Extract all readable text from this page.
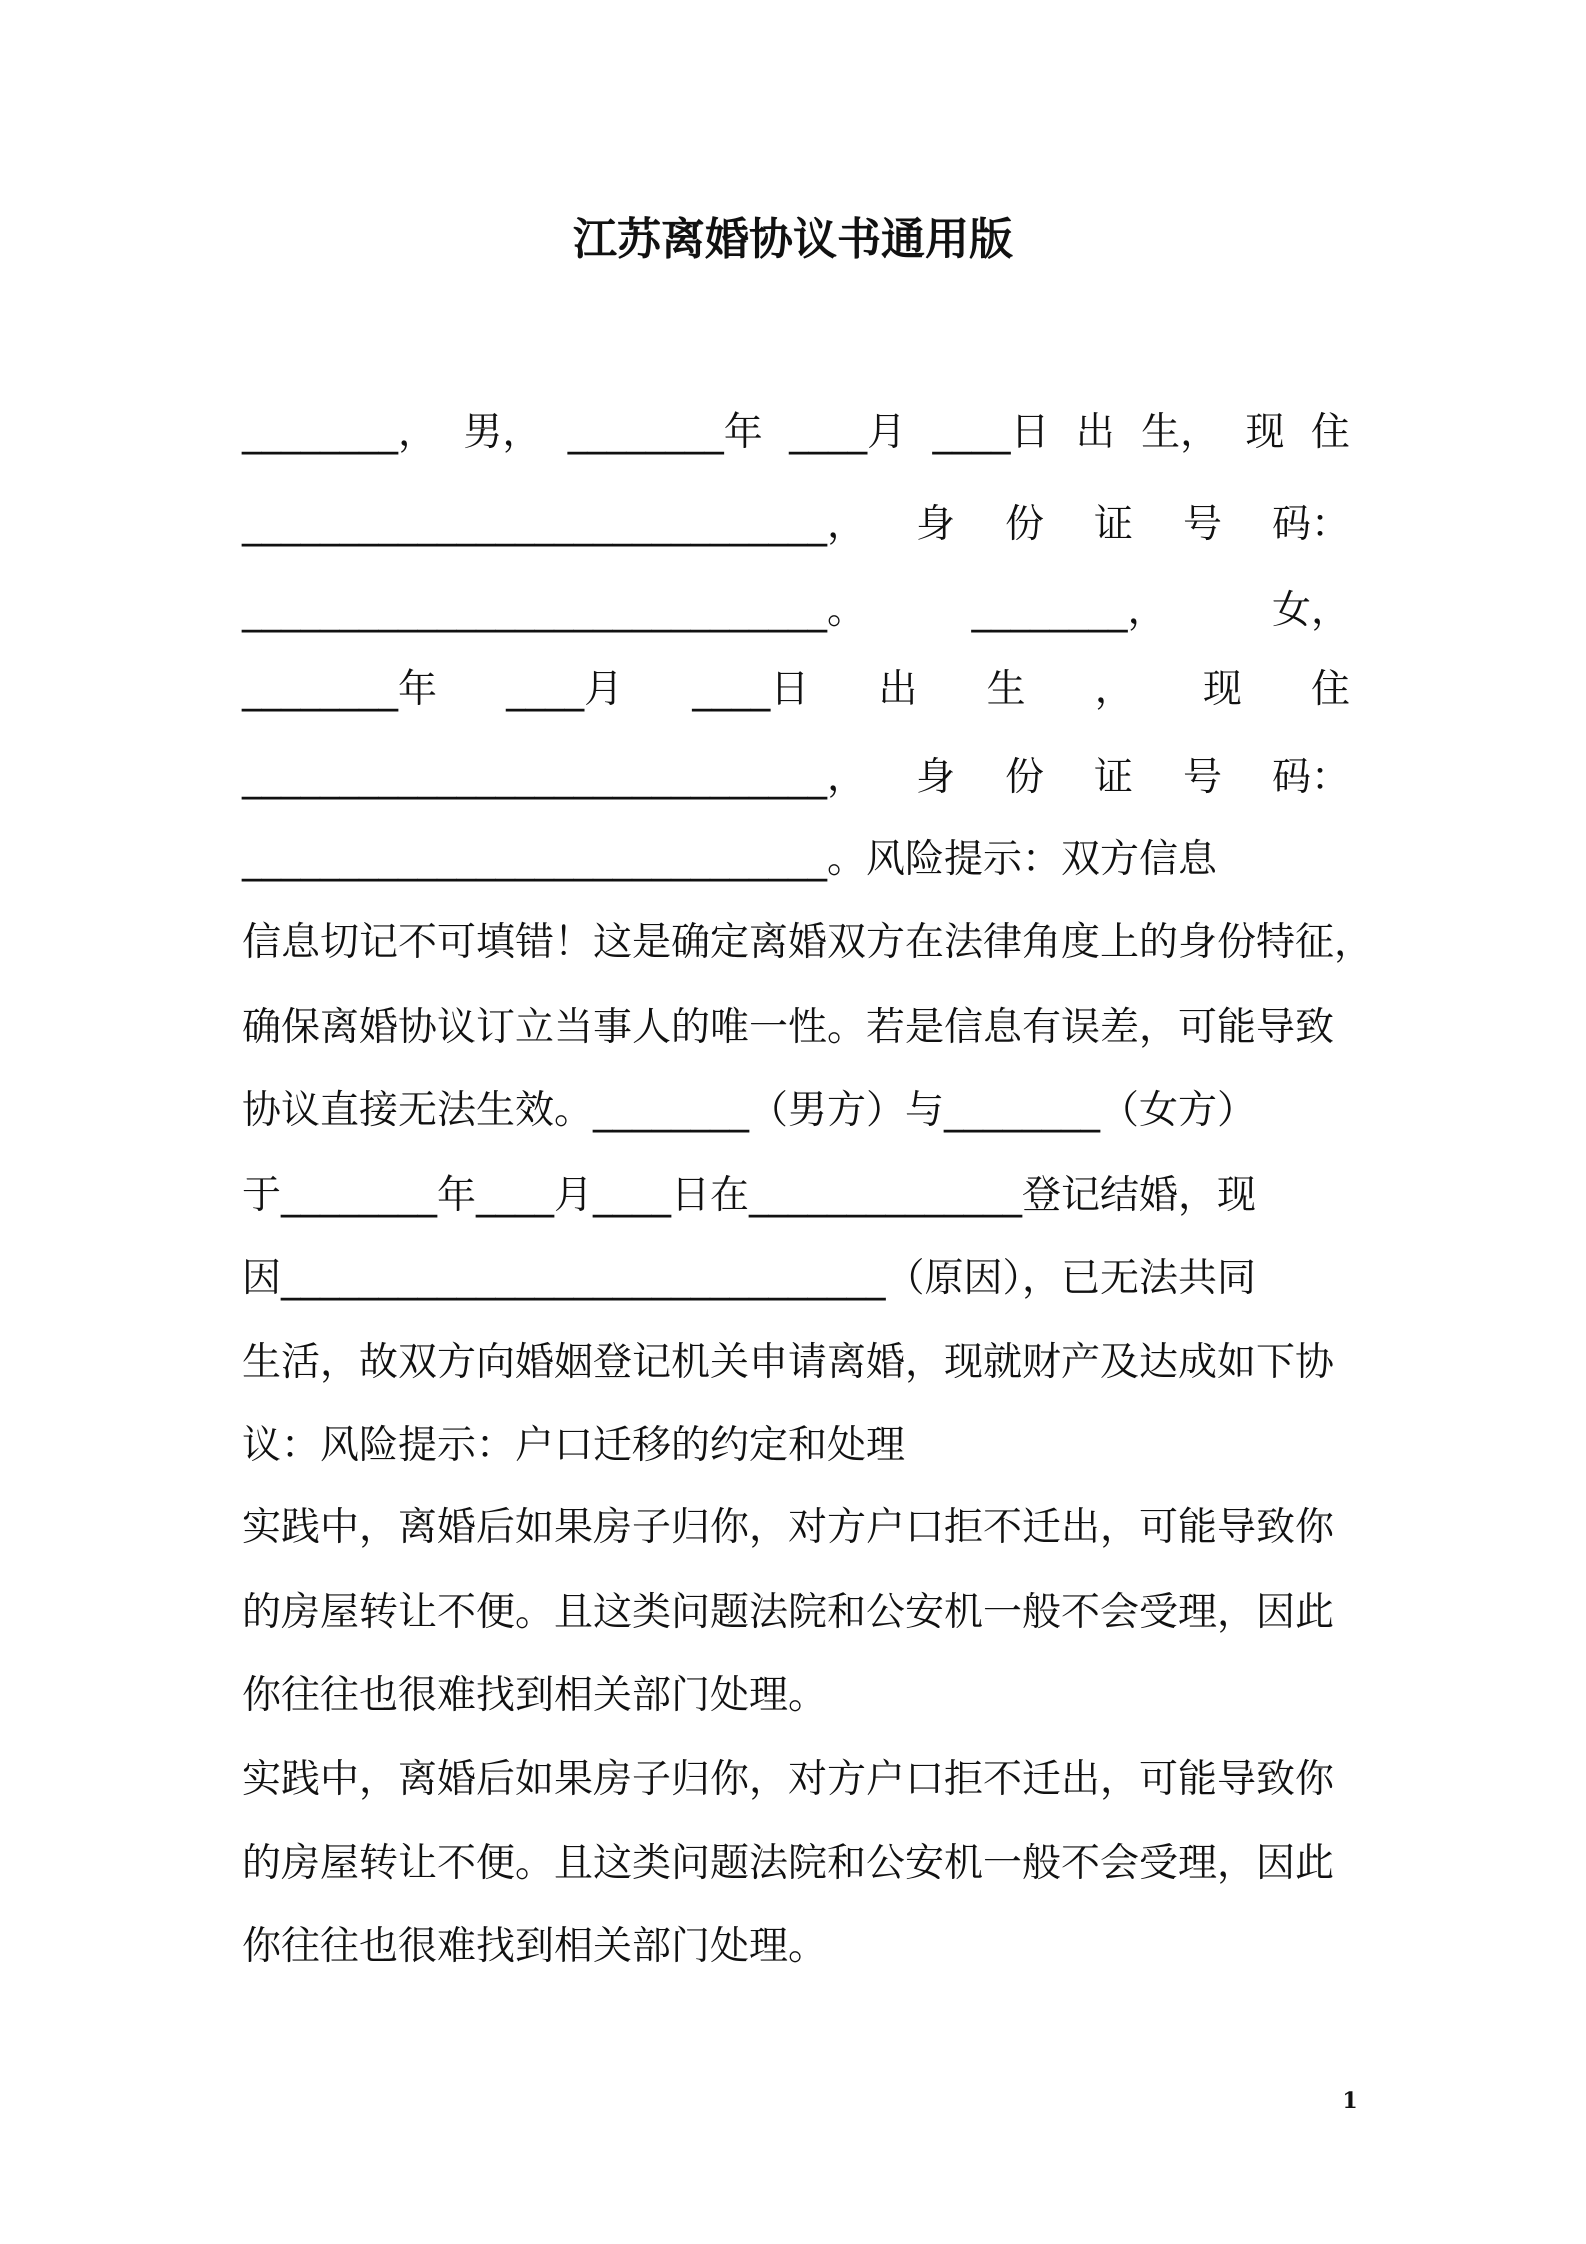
江苏离婚协议书通用版
________， 男， ________年 ____月 ____日 出 生， 现 住
______________________________， 身 份 证 号 码：
______________________________。	________，	女，
________年 ____月 ____日 出 生 ， 现 住
______________________________， 身 份 证 号 码：
______________________________。风险提示：双方信息
信息切记不可填错！这是确定离婚双方在法律角度上的身份特征，
确保离婚协议订立当事人的唯一性。若是信息有误差，可能导致
协议直接无法生效。________（男方）与________（女方）
于________年____月____日在______________登记结婚，现
因_______________________________（原因），已无法共同
生活，故双方向婚姻登记机关申请离婚，现就财产及达成如下协
议：风险提示：户口迁移的约定和处理
实践中，离婚后如果房子归你，对方户口拒不迁出，可能导致你
的房屋转让不便。且这类问题法院和公安机一般不会受理，因此
你往往也很难找到相关部门处理。
实践中，离婚后如果房子归你，对方户口拒不迁出，可能导致你
的房屋转让不便。且这类问题法院和公安机一般不会受理，因此
你往往也很难找到相关部门处理。
1
